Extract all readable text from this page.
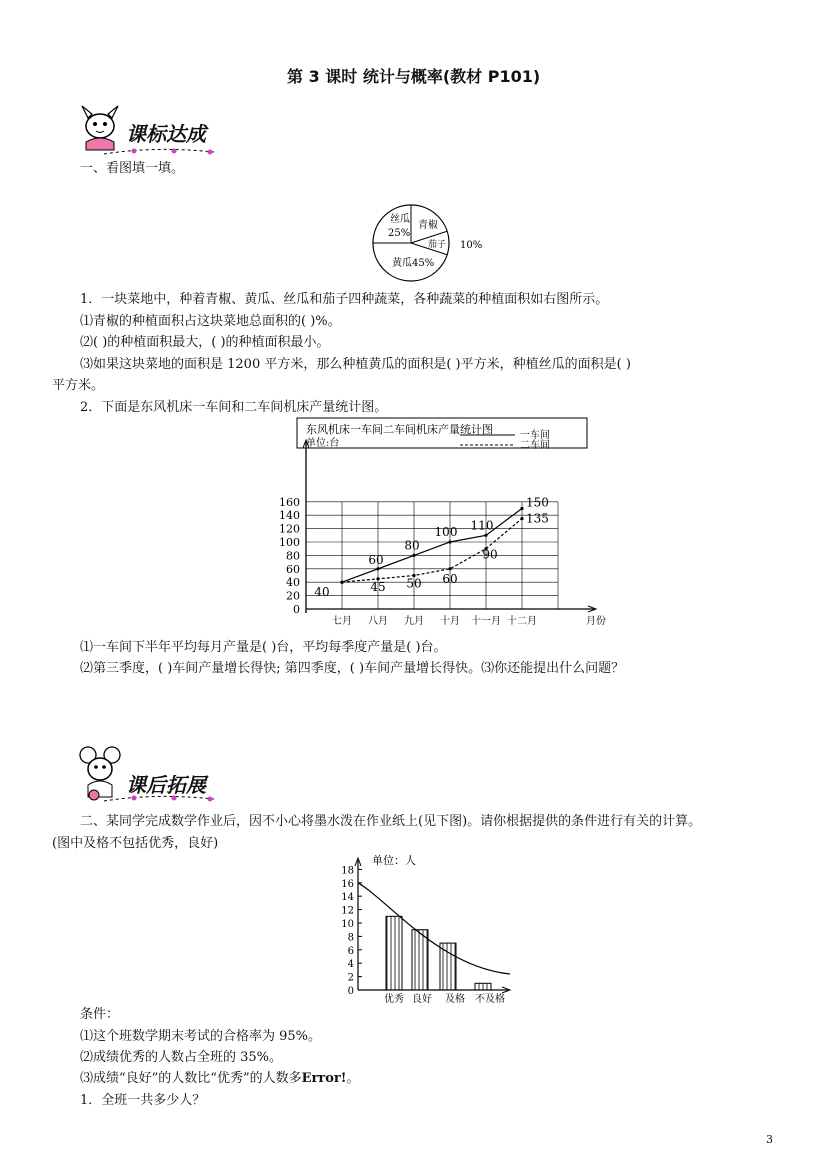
第 3 课时 统计与概率(教材 P101)
课标达成
一、看图填一填。
丝瓜
25%
青椒
茄子 10%
黄瓜45%
1．一块菜地中，种着青椒、黄瓜、丝瓜和茄子四种蔬菜，各种蔬菜的种植面积如右图所示。
⑴青椒的种植面积占这块菜地总面积的( )%。
⑵( )的种植面积最大，( )的种植面积最小。
⑶如果这块菜地的面积是 1200 平方米，那么种植黄瓜的面积是( )平方米，种植丝瓜的面积是( )
平方米。
2．下面是东风机床一车间和二车间机床产量统计图。
东风机床一车间二车间机床产量统计图
单位:台
一车间
二车间
0
20
40
60
80
100
120
140
160
七月 八月 九月 十月 十一月 十二月	月份
40
60
80
100 110
150
45 50 60
90
135
⑴一车间下半年平均每月产量是( )台，平均每季度产量是( )台。
⑵第三季度，( )车间产量增长得快; 第四季度，( )车间产量增长得快。⑶你还能提出什么问题？
课后拓展
二、某同学完成数学作业后，因不小心将墨水泼在作业纸上(见下图)。请你根据提供的条件进行有关的计算。
(图中及格不包括优秀，良好)
单位：人
0
2
4
6
8
10
12
14
16
18
优秀 良好 及格 不及格
条件：
⑴这个班数学期末考试的合格率为 95%。
⑵成绩优秀的人数占全班的 35%。
⑶成绩“良好”的人数比“优秀”的人数多Error!。
1．全班一共多少人？
3
